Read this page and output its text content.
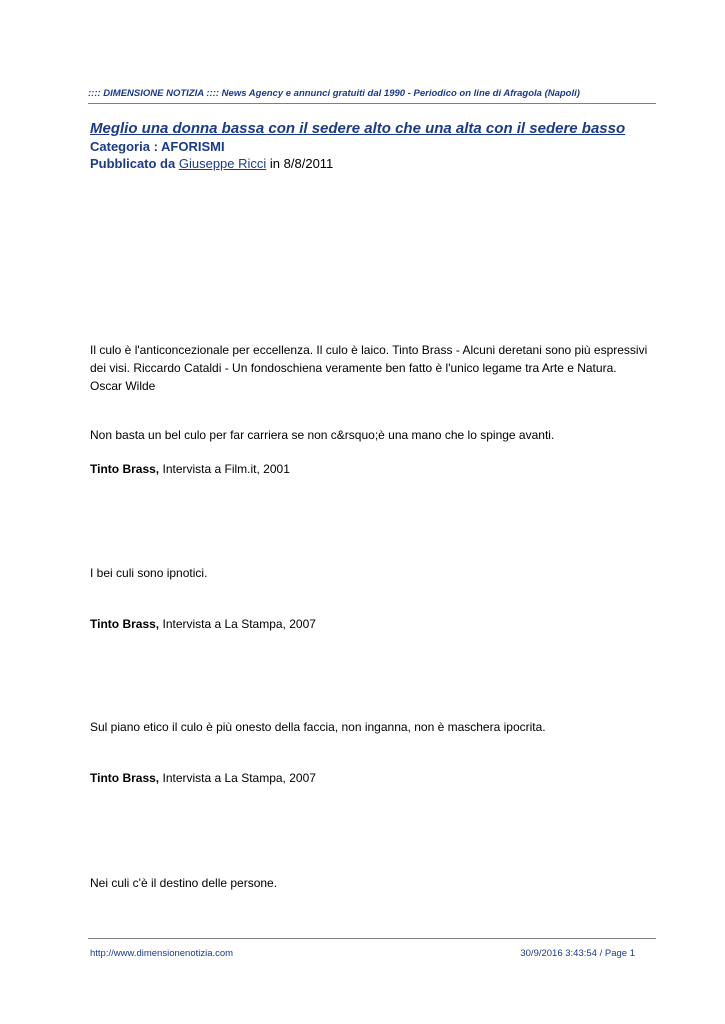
:::: DIMENSIONE NOTIZIA :::: News Agency e annunci gratuiti dal 1990 - Periodico on line di Afragola (Napoli)
Meglio una donna bassa con il sedere alto che una alta con il sedere basso
Categoria : AFORISMI
Pubblicato da Giuseppe Ricci in 8/8/2011
Il culo è l'anticoncezionale per eccellenza. Il culo è laico. Tinto Brass - Alcuni deretani sono più espressivi dei visi. Riccardo Cataldi - Un fondoschiena veramente ben fatto è l'unico legame tra Arte e Natura. Oscar Wilde
Non basta un bel culo per far carriera se non c&rsquo;è una mano che lo spinge avanti.
Tinto Brass, Intervista a Film.it, 2001
I bei culi sono ipnotici.
Tinto Brass, Intervista a La Stampa, 2007
Sul piano etico il culo è più onesto della faccia, non inganna, non è maschera ipocrita.
Tinto Brass, Intervista a La Stampa, 2007
Nei culi c'è il destino delle persone.
http://www.dimensionenotizia.com	30/9/2016 3:43:54 / Page 1
